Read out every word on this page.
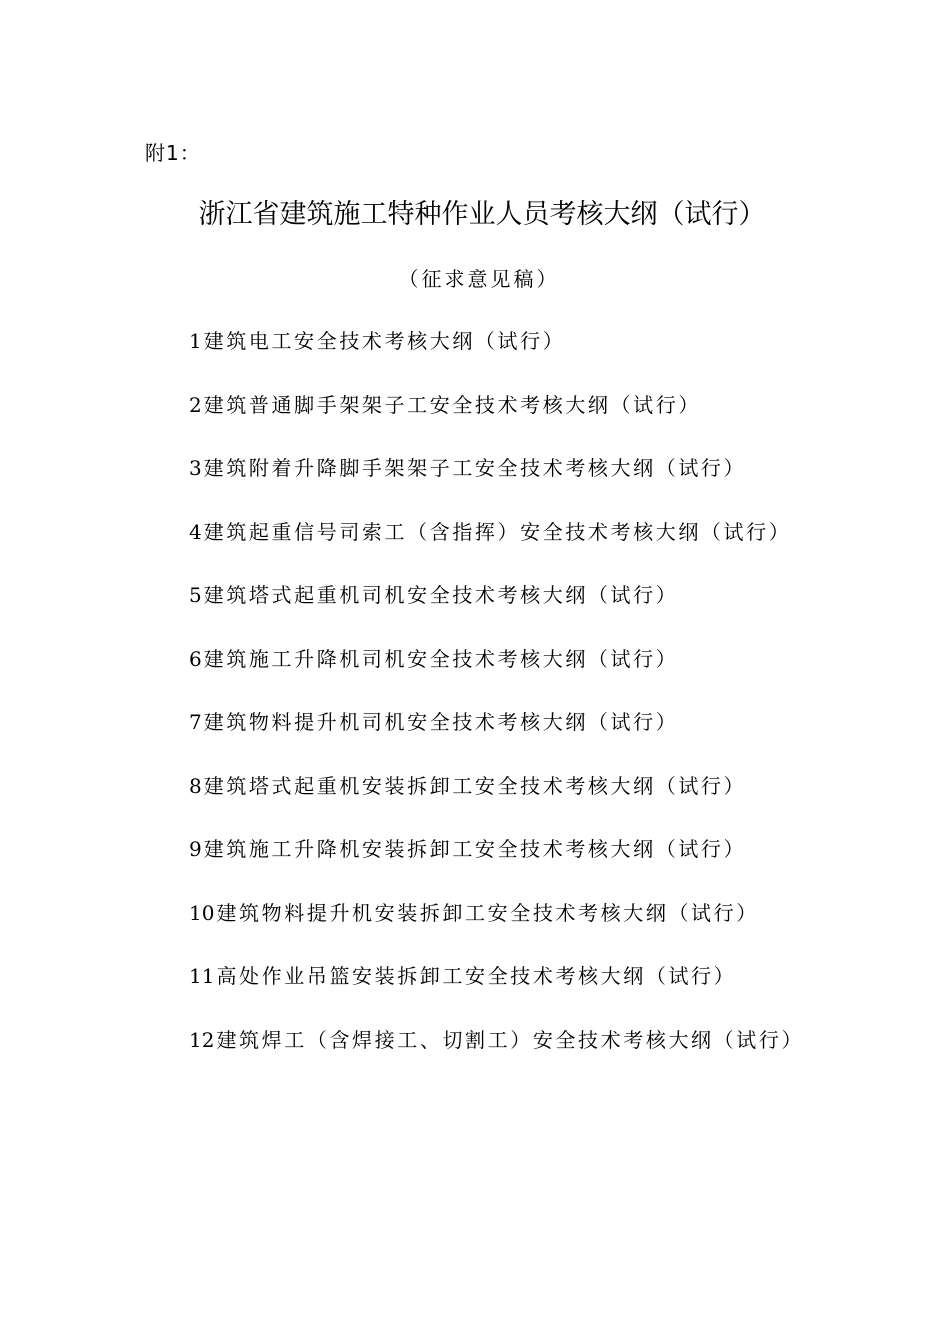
附1：
浙江省建筑施工特种作业人员考核大纲（试行）
（征求意见稿）
1 建筑电工安全技术考核大纲（试行）
2 建筑普通脚手架架子工安全技术考核大纲（试行）
3 建筑附着升降脚手架架子工安全技术考核大纲（试行）
4 建筑起重信号司索工（含指挥）安全技术考核大纲（试行）
5 建筑塔式起重机司机安全技术考核大纲（试行）
6 建筑施工升降机司机安全技术考核大纲（试行）
7 建筑物料提升机司机安全技术考核大纲（试行）
8 建筑塔式起重机安装拆卸工安全技术考核大纲（试行）
9 建筑施工升降机安装拆卸工安全技术考核大纲（试行）
10 建筑物料提升机安装拆卸工安全技术考核大纲（试行）
11 高处作业吊篮安装拆卸工安全技术考核大纲（试行）
12 建筑焊工（含焊接工、切割工）安全技术考核大纲（试行）
